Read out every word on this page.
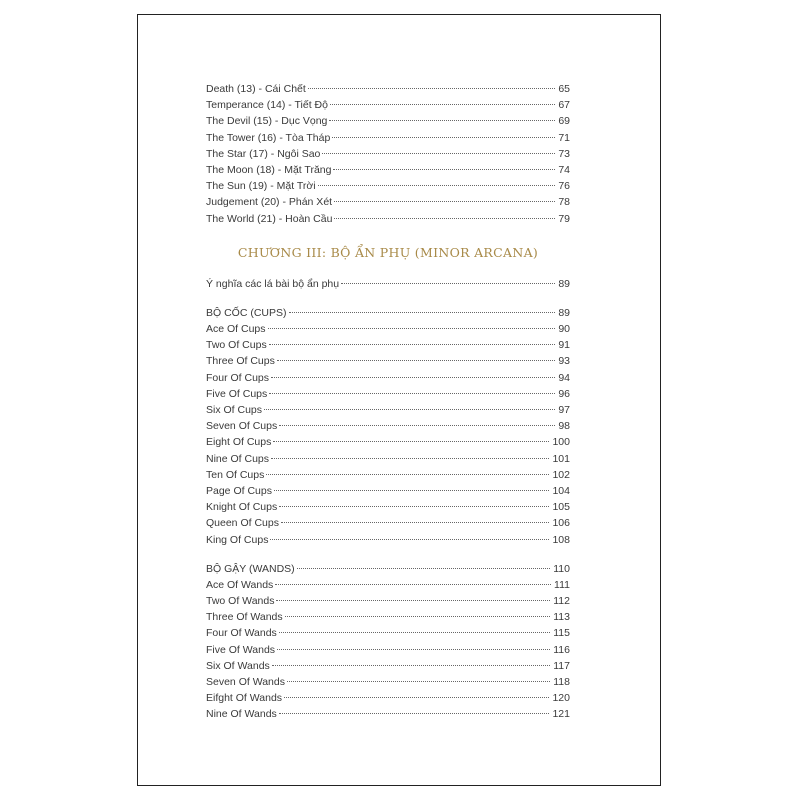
Death (13) - Cái Chết	65
Temperance (14) - Tiết Độ	67
The Devil (15) - Dục Vọng	69
The Tower (16) - Tòa Tháp	71
The Star (17) - Ngôi Sao	73
The Moon (18) - Mặt Trăng	74
The Sun (19) - Mặt Trời	76
Judgement (20) - Phán Xét	78
The World (21) - Hoàn Cầu	79
CHƯƠNG III: BỘ ẨN PHỤ (MINOR ARCANA)
Ý nghĩa các lá bài bộ ẩn phụ	89
BỘ CỐC (CUPS)	89
Ace Of Cups	90
Two Of Cups	91
Three Of Cups	93
Four Of Cups	94
Five Of Cups	96
Six Of Cups	97
Seven Of Cups	98
Eight Of Cups	100
Nine Of Cups	101
Ten Of Cups	102
Page Of Cups	104
Knight Of Cups	105
Queen Of Cups	106
King Of Cups	108
BỘ GẬY (WANDS)	110
Ace Of Wands	111
Two Of Wands	112
Three Of Wands	113
Four Of Wands	115
Five Of Wands	116
Six Of Wands	117
Seven Of Wands	118
Eifght Of Wands	120
Nine Of Wands	121
